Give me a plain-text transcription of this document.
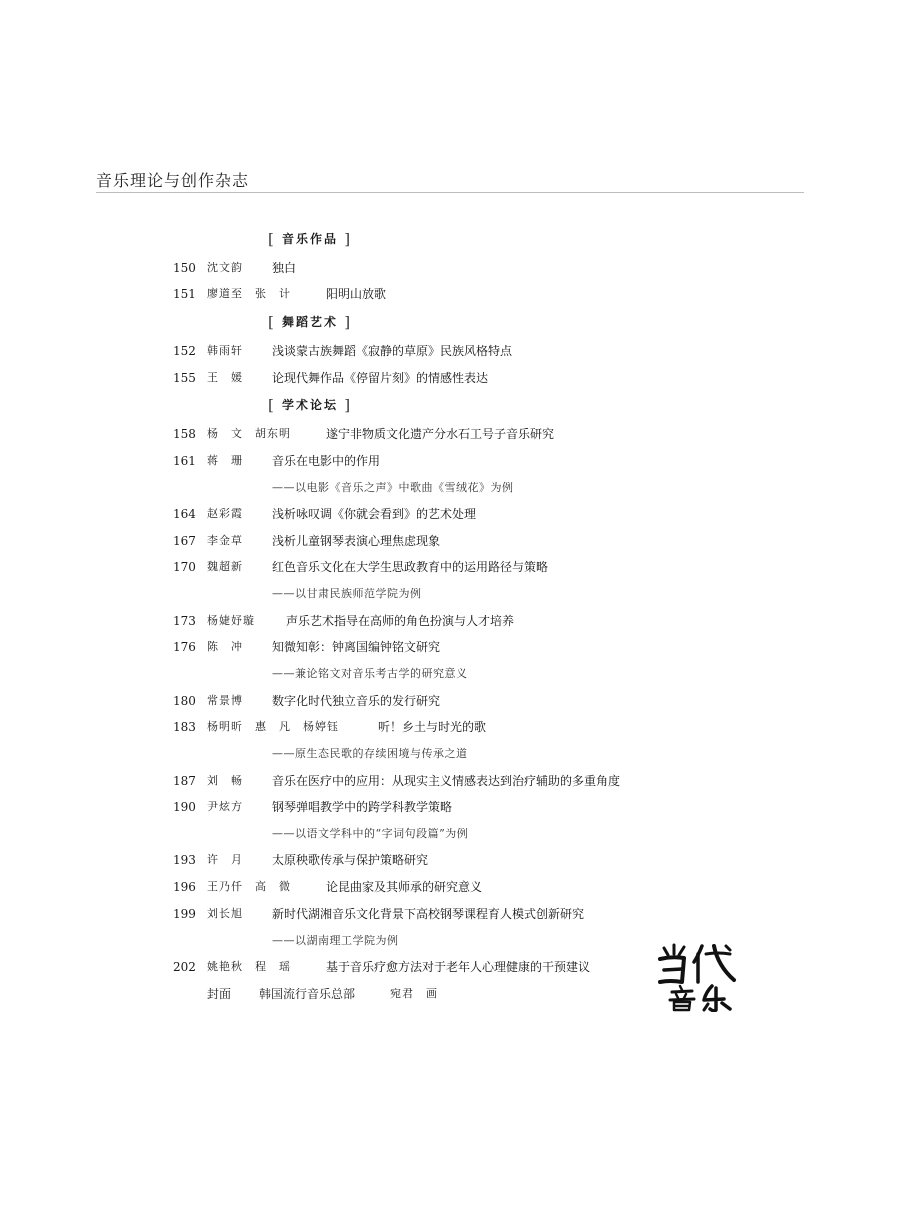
音乐理论与创作杂志
[ 音乐作品 ]
150 沈文韵 独白
151 廖道至　张　计	阳明山放歌
[ 舞蹈艺术 ]
152 韩雨轩 浅谈蒙古族舞蹈《寂静的草原》民族风格特点
155 王　媛 论现代舞作品《停留片刻》的情感性表达
[ 学术论坛 ]
158 杨　文　胡东明	遂宁非物质文化遗产分水石工号子音乐研究
161 蒋　珊 音乐在电影中的作用
——以电影《音乐之声》中歌曲《雪绒花》为例
164 赵彩霞 浅析咏叹调《你就会看到》的艺术处理
167 李金草 浅析儿童钢琴表演心理焦虑现象
170 魏超新 红色音乐文化在大学生思政教育中的运用路径与策略
——以甘肃民族师范学院为例
173 杨婕妤璇	声乐艺术指导在高师的角色扮演与人才培养
176 陈　冲 知微知彰：钟离国编钟铭文研究
——兼论铭文对音乐考古学的研究意义
180 常景博 数字化时代独立音乐的发行研究
183 杨明昕　惠　凡　杨婷钰	听！乡土与时光的歌
——原生态民歌的存续困境与传承之道
187 刘　畅 音乐在医疗中的应用：从现实主义情感表达到治疗辅助的多重角度
190 尹炫方 钢琴弹唱教学中的跨学科教学策略
——以语文学科中的“字词句段篇”为例
193 许　月 太原秧歌传承与保护策略研究
196 王乃仟　高　微	论昆曲家及其师承的研究意义
199 刘长旭 新时代湖湘音乐文化背景下高校钢琴课程育人模式创新研究
——以湖南理工学院为例
202 姚艳秋　程　瑶	基于音乐疗愈方法对于老年人心理健康的干预建议
封面 韩国流行音乐总部	宛君　画
